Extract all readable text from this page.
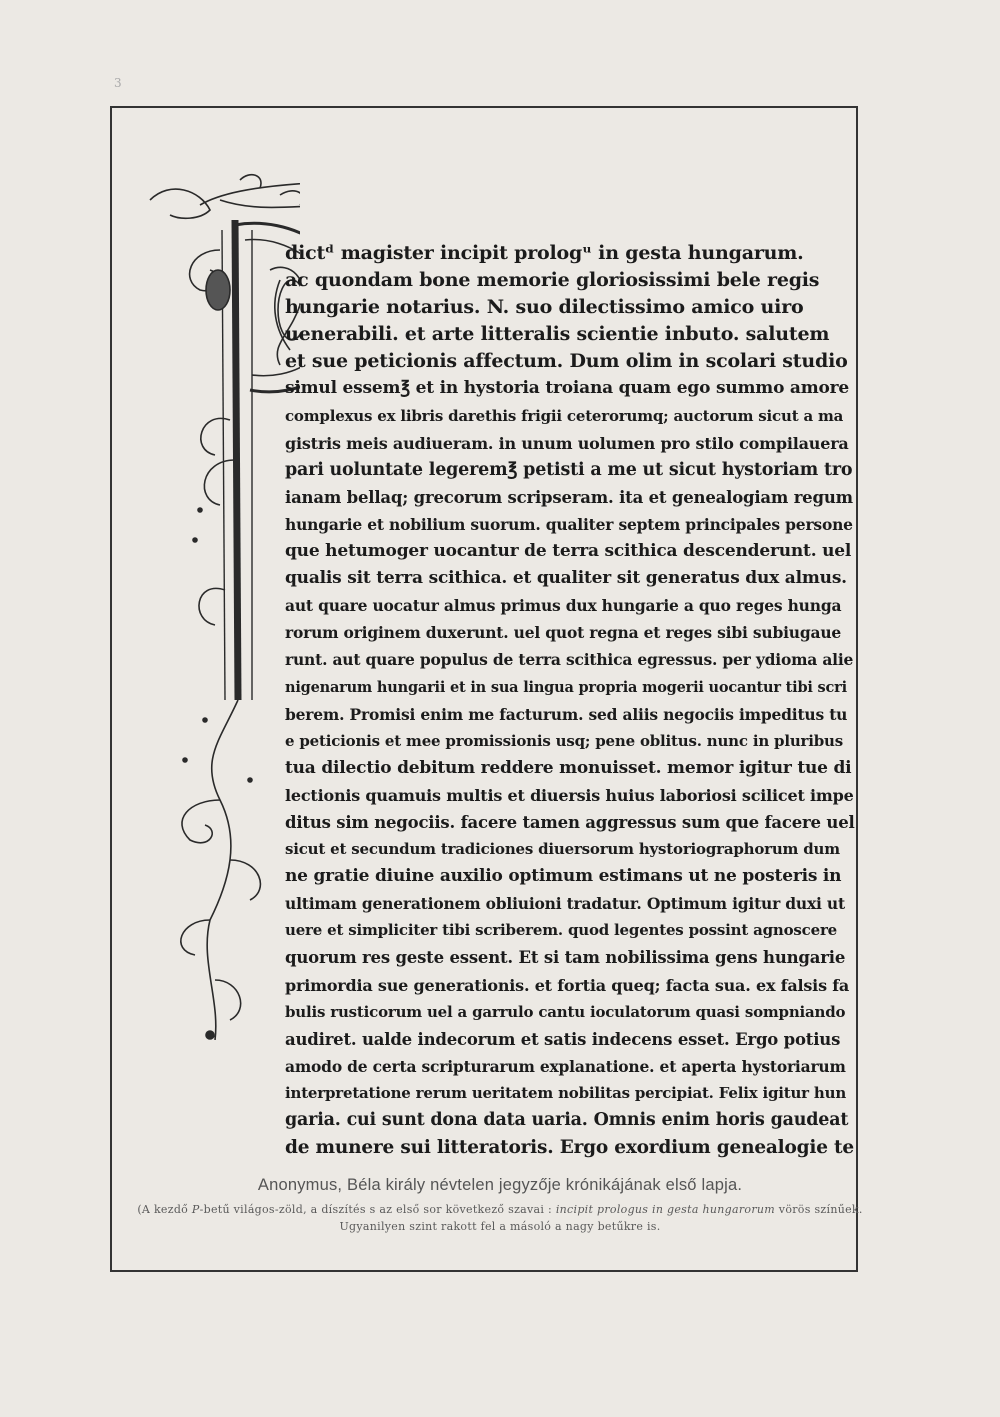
3
dictᵈ magister incipit prologᵘ in gesta hungarum.
ac quondam bone memorie gloriosissimi bele regis
hungarie notarius. N. suo dilectissimo amico uiro
uenerabili. et arte litteralis scientie inbuto. salutem
et sue peticionis affectum. Dum olim in scolari studio
simul essem℥ et in hystoria troiana quam ego summo amore
complexus ex libris darethis frigii ceterorumq; auctorum sicut a ma
gistris meis audiueram. in unum uolumen pro stilo compilauera
pari uoluntate legerem℥ petisti a me ut sicut hystoriam tro
ianam bellaq; grecorum scripseram. ita et genealogiam regum
hungarie et nobilium suorum. qualiter septem principales persone
que hetumoger uocantur de terra scithica descenderunt. uel
qualis sit terra scithica. et qualiter sit generatus dux almus.
aut quare uocatur almus primus dux hungarie a quo reges hunga
rorum originem duxerunt. uel quot regna et reges sibi subiugaue
runt. aut quare populus de terra scithica egressus. per ydioma alie
nigenarum hungarii et in sua lingua propria mogerii uocantur tibi scri
berem. Promisi enim me facturum. sed aliis negociis impeditus tu
e peticionis et mee promissionis usq; pene oblitus. nunc in pluribus
tua dilectio debitum reddere monuisset. memor igitur tue di
lectionis quamuis multis et diuersis huius laboriosi scilicet impe
ditus sim negociis. facere tamen aggressus sum que facere uel
sicut et secundum tradiciones diuersorum hystoriographorum dum
ne gratie diuine auxilio optimum estimans ut ne posteris in
ultimam generationem obliuioni tradatur. Optimum igitur duxi ut
uere et simpliciter tibi scriberem. quod legentes possint agnoscere
quorum res geste essent. Et si tam nobilissima gens hungarie
primordia sue generationis. et fortia queq; facta sua. ex falsis fa
bulis rusticorum uel a garrulo cantu ioculatorum quasi sompniando
audiret. ualde indecorum et satis indecens esset. Ergo potius
amodo de certa scripturarum explanatione. et aperta hystoriarum
interpretatione rerum ueritatem nobilitas percipiat. Felix igitur hun
garia. cui sunt dona data uaria. Omnis enim horis gaudeat
de munere sui litteratoris. Ergo exordium genealogie te
Anonymus, Béla király névtelen jegyzője krónikájának első lapja.
(A kezdő P-betű világos-zöld, a díszítés s az első sor következő szavai : incipit prologus in gesta hungarorum vörös színűek. Ugyanilyen szint rakott fel a másoló a nagy betűkre is.
